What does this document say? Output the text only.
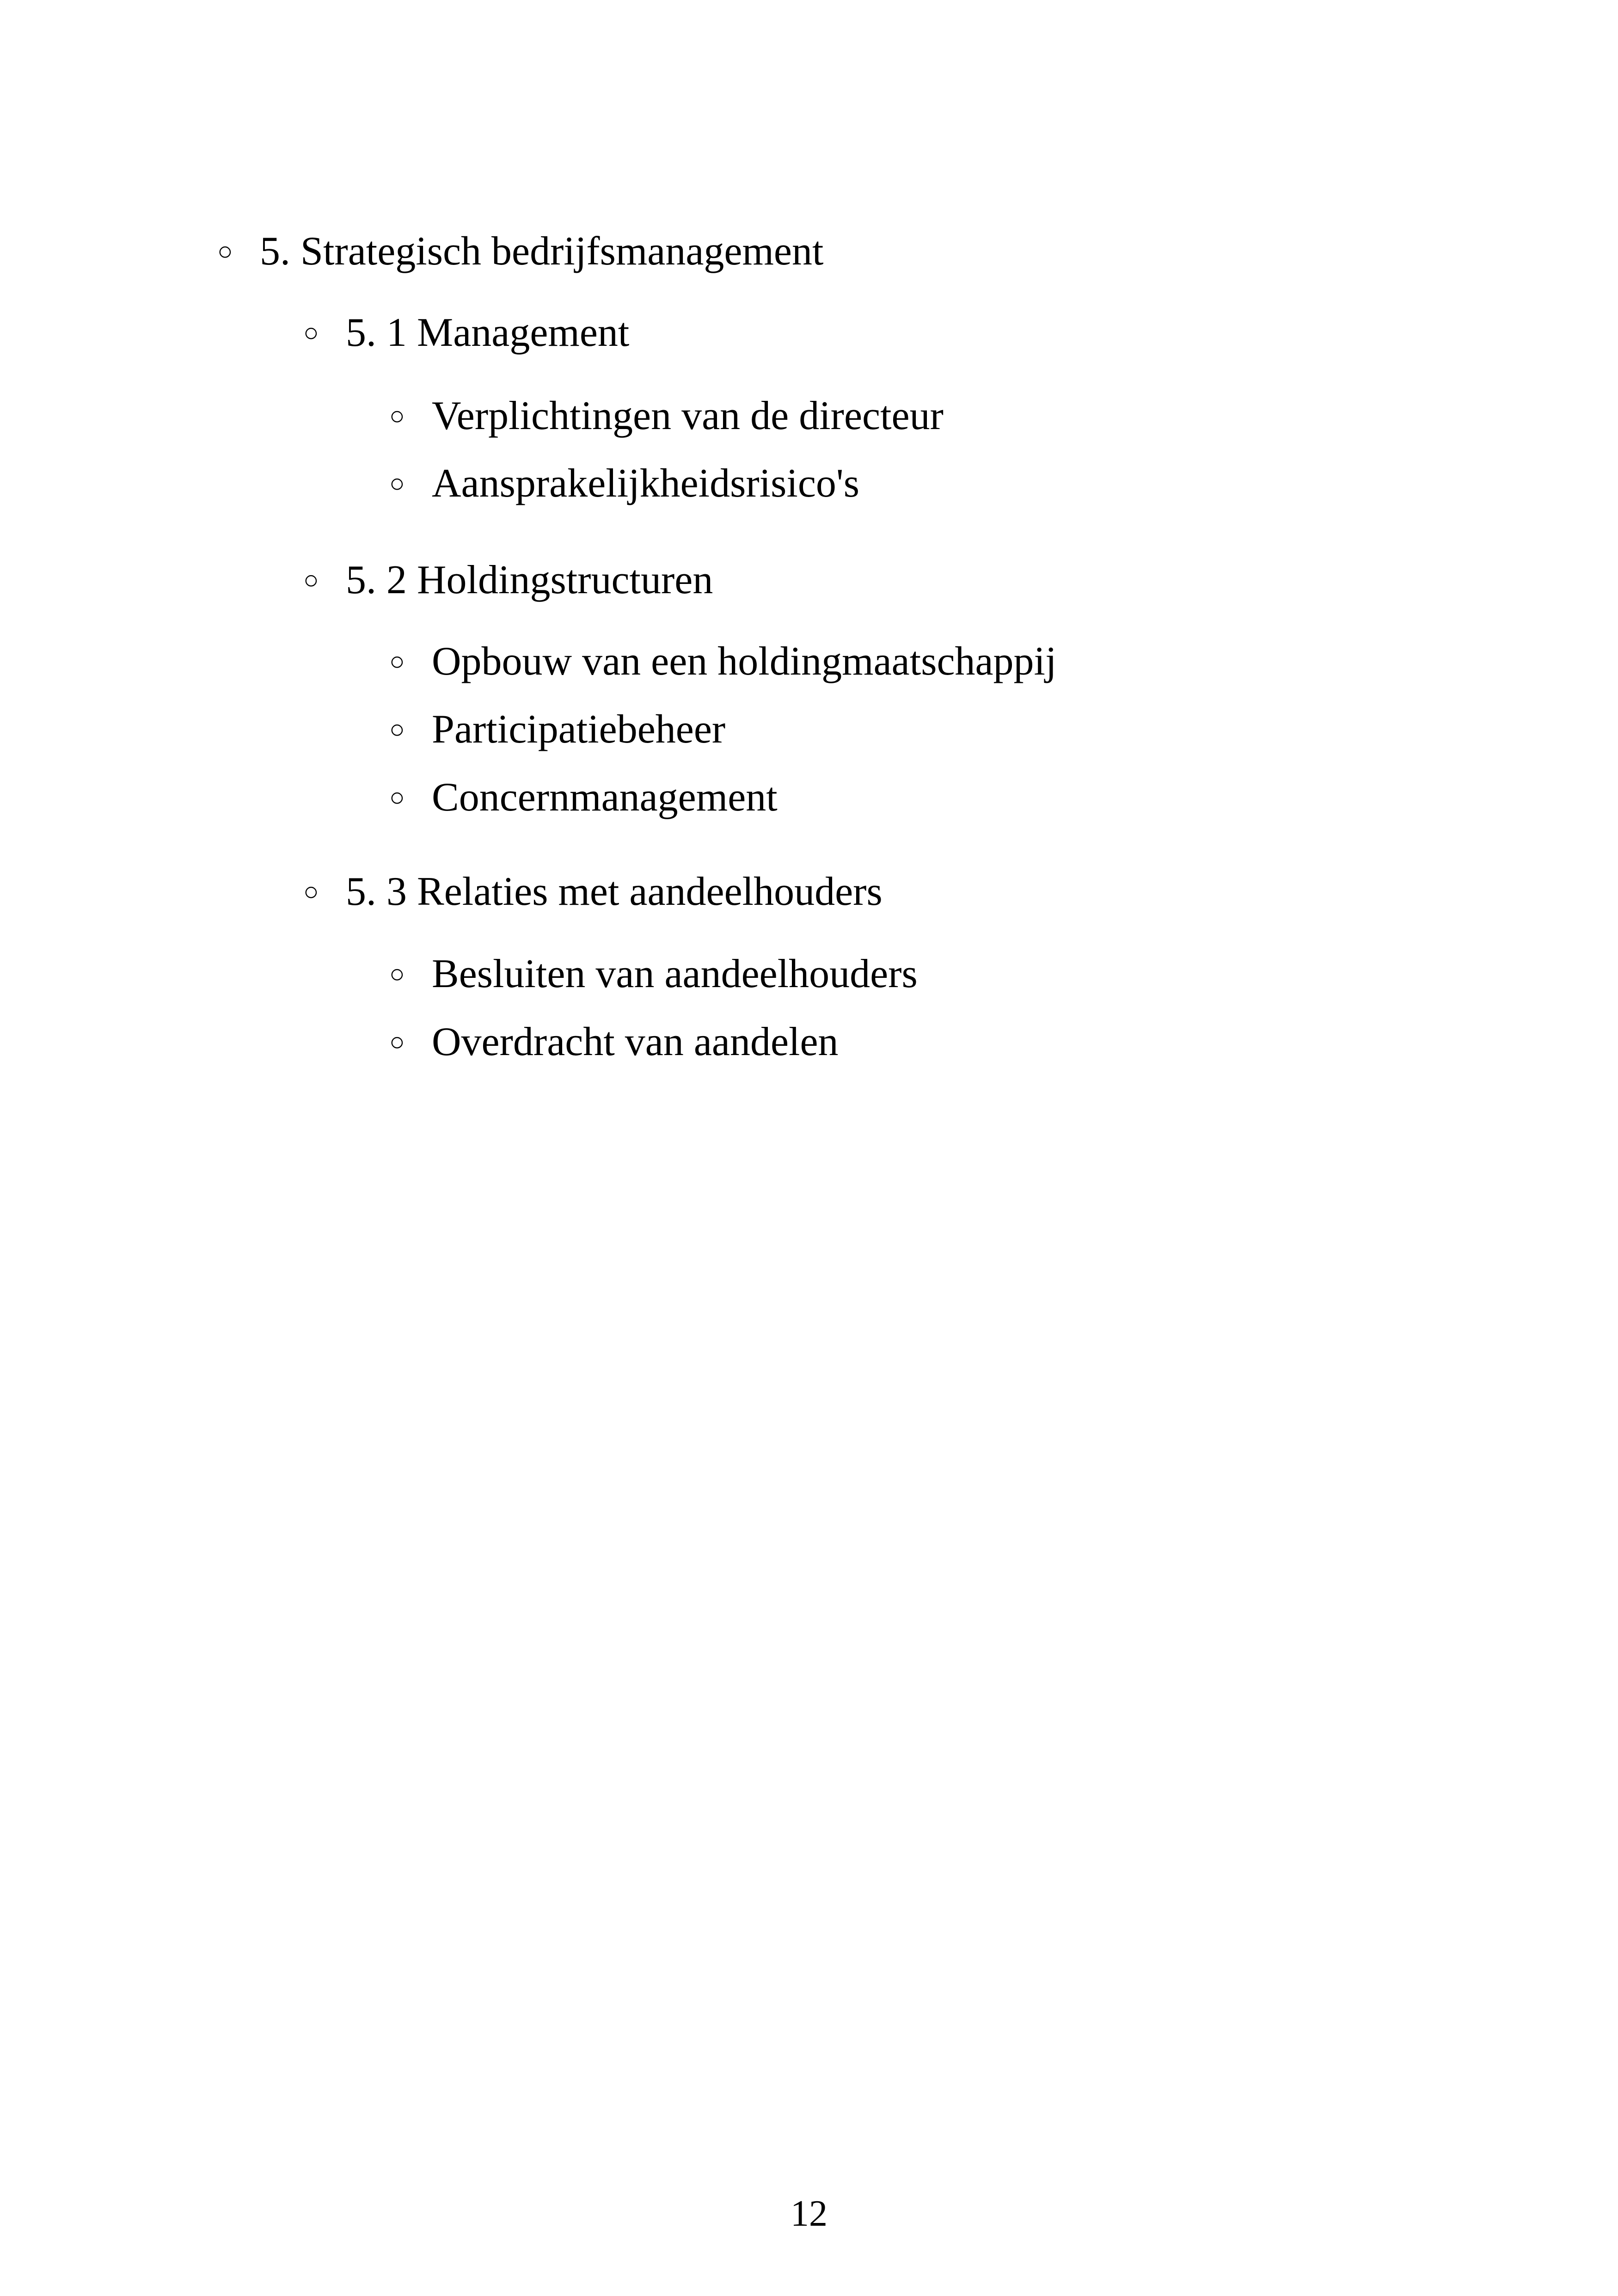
○ 5. Strategisch bedrijfsmanagement
○ 5. 1 Management
○ Verplichtingen van de directeur
○ Aansprakelijkheidsrisico's
○ 5. 2 Holdingstructuren
○ Opbouw van een holdingmaatschappij
○ Participatiebeheer
○ Concernmanagement
○ 5. 3 Relaties met aandeelhouders
○ Besluiten van aandeelhouders
○ Overdracht van aandelen
12
